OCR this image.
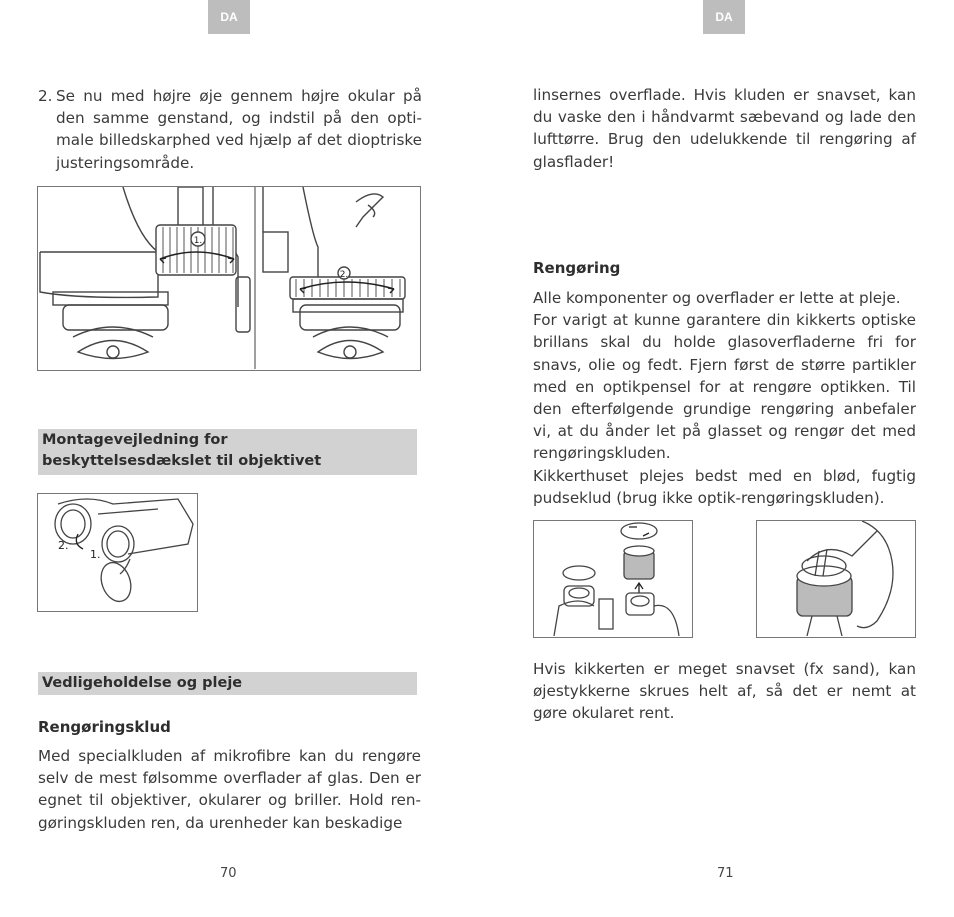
DA
2. Se nu med højre øje gennem højre okular på den samme genstand, og indstil på den opti-male billedskarphed ved hjælp af det dioptriske justeringsområde.
1.
2.
Montagevejledning for
beskyttelsesdækslet til objektivet
2.
1.
Vedligeholdelse og pleje
Rengøringsklud

Med specialkluden af mikrofibre kan du rengøre selv de mest følsomme overflader af glas. Den er egnet til objektiver, okularer og briller. Hold ren-gøringskluden ren, da urenheder kan beskadige

70
DA

linsernes overflade. Hvis kluden er snavset, kan du vaske den i håndvarmt sæbevand og lade den lufttørre. Brug den udelukkende til rengøring af glasflader!

Rengøring
Alle komponenter og overflader er lette at pleje.
For varigt at kunne garantere din kikkerts optiske brillans skal du holde glasoverfladerne fri for snavs, olie og fedt. Fjern først de større partikler med en optikpensel for at rengøre optikken. Til den efterfølgende grundige rengøring anbefaler vi, at du ånder let på glasset og rengør det med rengøringskluden.
Kikkerthuset plejes bedst med en blød, fugtig pudseklud (brug ikke optik-rengøringskluden).

Hvis kikkerten er meget snavset (fx sand), kan øjestykkerne skrues helt af, så det er nemt at gøre okularet rent.

71
